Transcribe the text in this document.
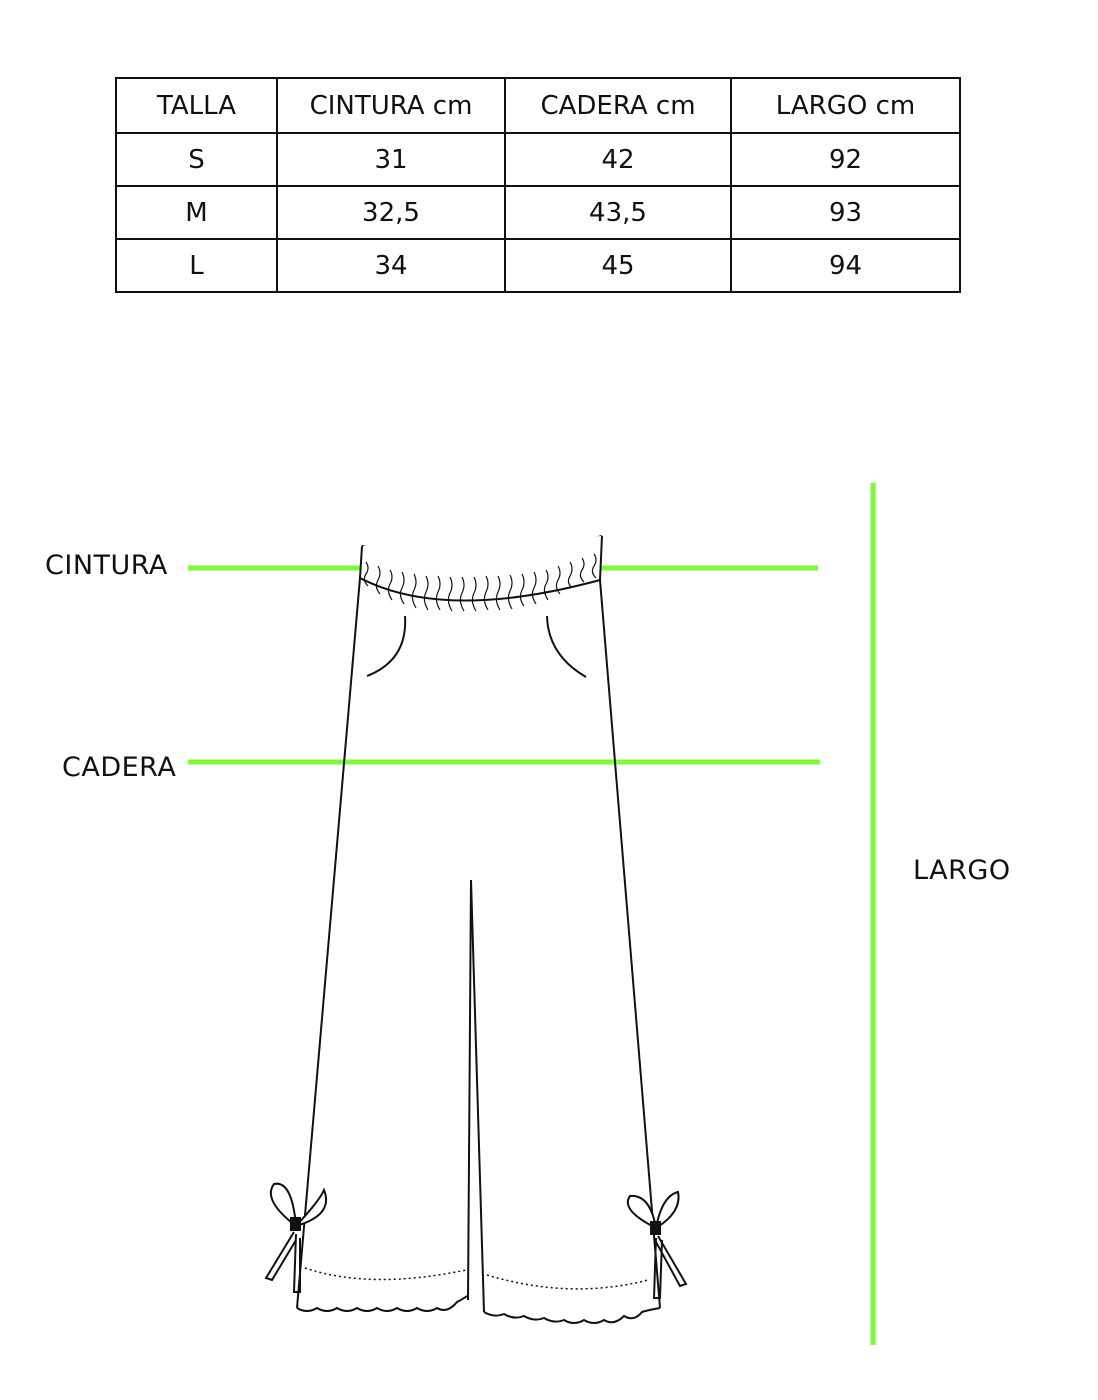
TALLA	CINTURA cm	CADERA cm	LARGO cm
S	31	42	92
M	32,5	43,5	93
L	34	45	94
CINTURA
CADERA
LARGO
